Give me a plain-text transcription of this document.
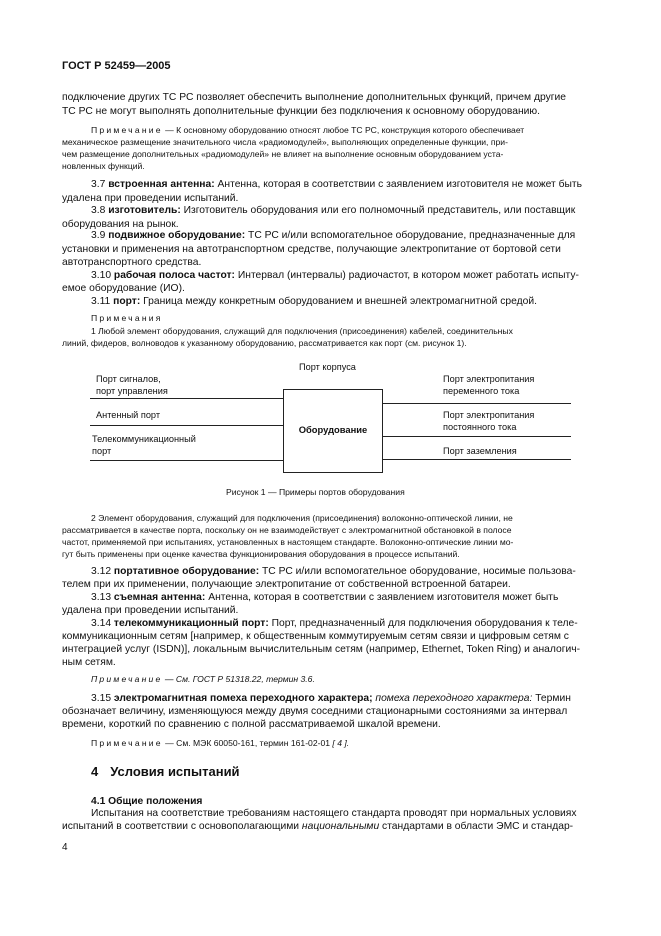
ГОСТ Р 52459—2005
подключение других ТС РС позволяет обеспечить выполнение дополнительных функций, причем другие
ТС РС не могут выполнять дополнительные функции без подключения к основному оборудованию.
Примечание — К основному оборудованию относят любое ТС РС, конструкция которого обеспечивает
механическое размещение значительного числа «радиомодулей», выполняющих определенные функции, при-
чем размещение дополнительных «радиомодулей» не влияет на выполнение основным оборудованием уста-
новленных функций.
3.7 встроенная антенна: Антенна, которая в соответствии с заявлением изготовителя не может быть
удалена при проведении испытаний.
3.8 изготовитель: Изготовитель оборудования или его полномочный представитель, или поставщик
оборудования на рынок.
3.9 подвижное оборудование: ТС РС и/или вспомогательное оборудование, предназначенные для
установки и применения на автотранспортном средстве, получающие электропитание от бортовой сети
автотранспортного средства.
3.10 рабочая полоса частот: Интервал (интервалы) радиочастот, в котором может работать испыту-
емое оборудование (ИО).
3.11 порт: Граница между конкретным оборудованием и внешней электромагнитной средой.
Примечания
1 Любой элемент оборудования, служащий для подключения (присоединения) кабелей, соединительных
линий, фидеров, волноводов к указанному оборудованию, рассматривается как порт (см. рисунок 1).
Порт корпуса
Оборудование
Порт сигналов,
порт управления
Антенный порт
Телекоммуникационный
порт
Порт электропитания
переменного тока
Порт электропитания
постоянного тока
Порт заземления
Рисунок 1 — Примеры портов оборудования
2 Элемент оборудования, служащий для подключения (присоединения) волоконно-оптической линии, не
рассматривается в качестве порта, поскольку он не взаимодействует с электромагнитной обстановкой в полосе
частот, применяемой при испытаниях, установленных в настоящем стандарте. Волоконно-оптические линии мо-
гут быть применены при оценке качества функционирования оборудования в процессе испытаний.
3.12 портативное оборудование: ТС РС и/или вспомогательное оборудование, носимые пользова-
телем при их применении, получающие электропитание от собственной встроенной батареи.
3.13 съемная антенна: Антенна, которая в соответствии с заявлением изготовителя может быть
удалена при проведении испытаний.
3.14 телекоммуникационный порт: Порт, предназначенный для подключения оборудования к теле-
коммуникационным сетям [например, к общественным коммутируемым сетям связи и цифровым сетям с
интеграцией услуг (ISDN)], локальным вычислительным сетям (например, Ethernet, Token Ring) и аналогич-
ным сетям.
Примечание — См. ГОСТ Р 51318.22, термин 3.6.
3.15 электромагнитная помеха переходного характера; помеха переходного характера: Термин
обозначает величину, изменяющуюся между двумя соседними стационарными состояниями за интервал
времени, короткий по сравнению с полной рассматриваемой шкалой времени.
Примечание — См. МЭК 60050-161, термин 161-02-01 [ 4 ].
4 Условия испытаний
4.1 Общие положения
Испытания на соответствие требованиям настоящего стандарта проводят при нормальных условиях
испытаний в соответствии с основополагающими национальными стандартами в области ЭМС и стандар-
4
